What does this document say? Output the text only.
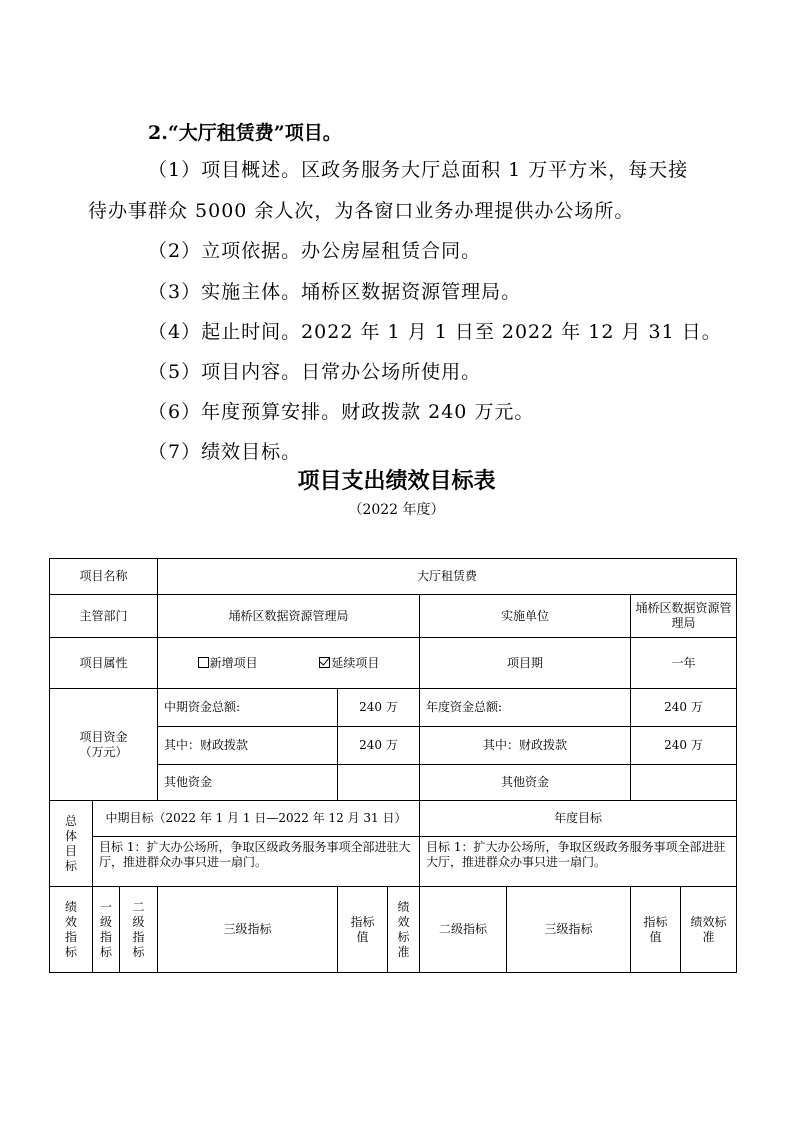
2.“大厅租赁费”项目。
（1）项目概述。区政务服务大厅总面积 1 万平方米，每天接
待办事群众 5000 余人次，为各窗口业务办理提供办公场所。
（2）立项依据。办公房屋租赁合同。
（3）实施主体。埇桥区数据资源管理局。
（4）起止时间。2022 年 1 月 1 日至 2022 年 12 月 31 日。
（5）项目内容。日常办公场所使用。
（6）年度预算安排。财政拨款 240 万元。
（7）绩效目标。
项目支出绩效目标表
（2022 年度）
项目名称			大厅租赁费						
主管部门			埇桥区数据资源管理局			实施单位		埇桥区数据资源管理局	
项目属性			新增项目 延续项目			项目期		一年	

项目资金（万元）			中期资金总额:	240 万		年度资金总额:		240 万	
			其中：财政拨款	240 万		其中：财政拨款		240 万	
			其他资金			其他资金			

总体目标	中期目标（2022 年 1 月 1 日—2022 年 12 月 31 日）					年度目标			
	目标 1：扩大办公场所，争取区级政务服务事项全部进驻大厅，推进群众办事只进一扇门。					目标 1：扩大办公场所，争取区级政务服务事项全部进驻大厅，推进群众办事只进一扇门。			

绩效指标	一级指标	二级指标	三级指标	指标值	绩效标准	二级指标	三级指标	指标值	绩效标准
